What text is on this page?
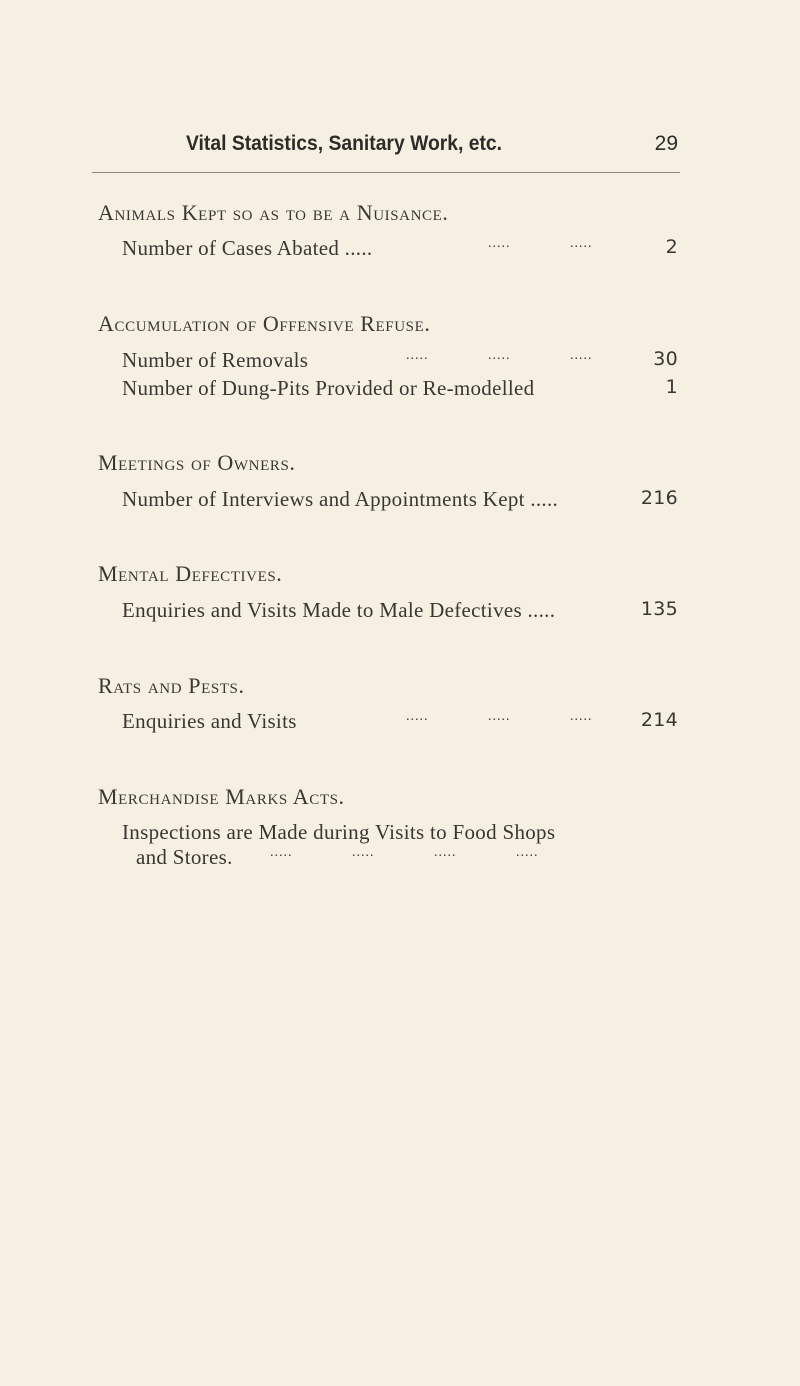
Vital Statistics, Sanitary Work, etc.	29
Animals Kept so as to be a Nuisance.
Number of Cases Abated .....	.....	.....	2
Accumulation of Offensive Refuse.
Number of Removals	.....	.....	.....	30
Number of Dung-Pits Provided or Re-modelled	1
Meetings of Owners.
Number of Interviews and Appointments Kept .....	216
Mental Defectives.
Enquiries and Visits Made to Male Defectives .....	135
Rats and Pests.
Enquiries and Visits	.....	.....	.....	214
Merchandise Marks Acts.
Inspections are Made during Visits to Food Shops
and Stores.	.....	.....	.....	.....
